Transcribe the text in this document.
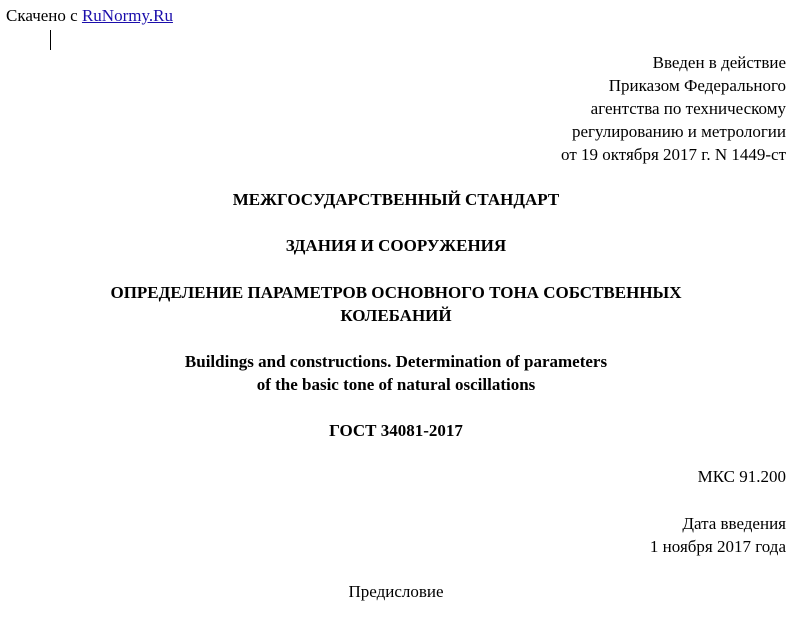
Скачено с RuNormy.Ru
Введен в действие
Приказом Федерального
агентства по техническому
регулированию и метрологии
от 19 октября 2017 г. N 1449-ст
МЕЖГОСУДАРСТВЕННЫЙ СТАНДАРТ
ЗДАНИЯ И СООРУЖЕНИЯ
ОПРЕДЕЛЕНИЕ ПАРАМЕТРОВ ОСНОВНОГО ТОНА СОБСТВЕННЫХ
КОЛЕБАНИЙ
Buildings and constructions. Determination of parameters
of the basic tone of natural oscillations
ГОСТ 34081-2017
МКС 91.200
Дата введения
1 ноября 2017 года
Предисловие
